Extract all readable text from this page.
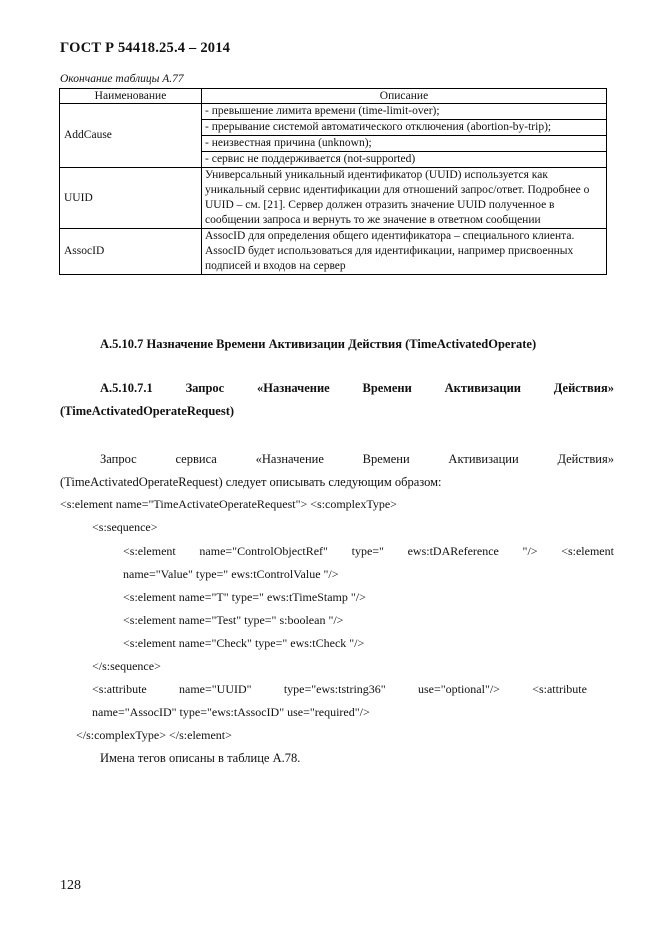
ГОСТ Р 54418.25.4 – 2014
Окончание таблицы А.77
Наименование	Описание
AddCause	- превышение лимита времени (time-limit-over);
	- прерывание системой автоматического отключения (abortion-by-trip);
	- неизвестная причина (unknown);
	- сервис не поддерживается (not-supported)
UUID	Универсальный уникальный идентификатор (UUID) используется как уникальный сервис идентификации для отношений запрос/ответ. Подробнее о UUID – см. [21]. Сервер должен отразить значение UUID полученное в сообщении запроса и вернуть то же значение в ответном сообщении
AssocID	AssocID для определения общего идентификатора – специального клиента. AssocID будет использоваться для идентификации, например присвоенных подписей и входов на сервер
А.5.10.7 Назначение Времени Активизации Действия (TimeActivatedOperate)
А.5.10.7.1	Запрос	«Назначение	Времени	Активизации	Действия»
(TimeActivatedOperateRequest)
Запрос	сервиса	«Назначение	Времени	Активизации	Действия»
(TimeActivatedOperateRequest) следует описывать следующим образом:
<s:element name="TimeActivateOperateRequest"> <s:complexType>
<s:sequence>
<s:element name="ControlObjectRef" type=" ews:tDAReference "/> <s:element
name="Value" type=" ews:tControlValue "/>
<s:element name="T" type=" ews:tTimeStamp "/>
<s:element name="Test" type=" s:boolean "/>
<s:element name="Check" type=" ews:tCheck "/>
</s:sequence>
<s:attribute	name="UUID"	type="ews:tstring36"	use="optional"/>	<s:attribute
name="AssocID" type="ews:tAssocID" use="required"/>
</s:complexType> </s:element>
Имена тегов описаны в таблице А.78.
128
